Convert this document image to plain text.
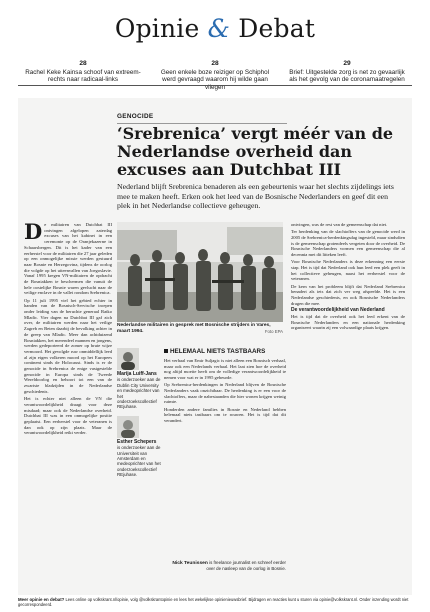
Opinie & Debat
28
Rachel Keke Kainsa schoof van extreem-rechts naar radicaal-links
28
Geen enkele boze reiziger op Schiphol werd gevraagd waarom hij wilde gaan vliegen
29
Brief: Uitgestelde zorg is net zo gevaarlijk als het gevolg van de coronamaatregelen
GENOCIDE
‘Srebrenica’ vergt méér van de Nederlandse overheid dan excuses aan Dutchbat III
Nederland blijft Srebrenica benaderen als een gebeurtenis waar het slechts zijdelings iets mee te maken heeft. Erken ook het leed van de Bosnische Nederlanders en geef dit een plek in het Nederlandse collectieve geheugen.
D e militairen van Dutchbat III ontvingen afgelopen zaterdag excuses van het kabinet in een ceremonie op de Oranjekazerne in Schaarsbergen. Dit is het kader van een eerherstel voor de militairen die 27 jaar geleden op een onmogelijke missie werden gestuurd naar Bosnie en Herzegovina, tijdens de oorlog die volgde op het uiteenvallen van Joegoslavie. Vanaf 1995 kregen VN-militairen de opdracht de Bosniakken te beschermen die vanuit de hele oostelijke Bosnie waren gevlucht naar de veilige enclave in de vallei rondom Srebrenica.

Op 11 juli 1995 viel het gebied echter in handen van de Bosnisch-Servische troepen onder leiding van de beruchte generaal Ratko Mladic. Vier dagen na Dutchbat III gaf zich over, de militairen werden naar het veilige Zagreb en Beten daarbij de bevolking achter in de greep van Mladic. Meer dan achtduizend Bosniakken, het merendeel mannen en jongens, werden gedeporteerd de zomer op brute wijze vermoord. Het gevolgde ruw onmiddellijk leed al zijn eigen volkeren moord op het Europees continent sinds de Holocaust. Sinds is er de genocide in Srebrenica de enige vastgestelde genocide in Europa sinds de Tweede Wereldoorlog en behoort tot een van de zwartste bladzijden in de Nederlandse geschiedenis.

Het is echter niet alleen de VN die verantwoordelijkheid draagt voor deze misdaad; maar ook de Nederlandse overheid. Dutchbat III was in een onmogelijke positie geplaatst. Een eerherstel voor de veteranen is dan ook op zijn plaats. Maar de verantwoordelijkheid reikt verder.

Nederlandse militairen in gesprek met Bosnische strijders in Vares, maart 1994.	Foto EPA
Marija Luiff-Jans
is onderzoeker aan de Dublin City University en medeoprichter van het onderzoekscollectief REjuhase.
Esther Schepers
is onderzoeker aan de Universiteit van Amsterdam en medeoprichter van het onderzoekscollectief REjuhase.
HELEMAAL NIETS TASTBAARS

Het verhaal van Emir Suljagic is niet alleen een Bosnisch verhaal, maar ook een Nederlands verhaal. Het laat zien hoe de overheid nog altijd moeite heeft om de volledige verantwoordelijkheid te nemen voor wat er in 1995 gebeurde.

Op Srebrenica-herdenkingen in Nederland blijven de Bosnische Nederlanders vaak onzichtbaar. De herdenking is er een voor de slachtoffers, maar de nabestaanden die hier wonen krijgen weinig ruimte.

Honderden andere families in Bosnie en Nederland hebben helemaal niets tastbaars om te rouwen. Het is tijd dat dit verandert.

Nick Teunissen is freelance journalist en schreef eerder over de nasleep van de oorlog in Bosnie.

ontvingen, was de rest van de gemeenschap dat niet.

Ter herdenking van de slachtoffers van de genocide werd in 2005 de Srebrenica-herdenkingsdag ingesteld, maar sindsdien is de gemeenschap grotendeels vergeten door de overheid. De Bosnische Nederlanders vormen een gemeenschap die al decennia met dit litteken leeft.

Voor Bosnische Nederlanders is deze erkenning een eerste stap. Het is tijd dat Nederland ook hun leed een plek geeft in het collectieve geheugen, naast het eerherstel voor de veteranen.

De kern van het probleem blijft dat Nederland Srebrenica benadert als iets dat zich ver weg afspeelde. Het is een Nederlandse geschiedenis, en ook Bosnische Nederlanders dragen die mee.

De verantwoordelijkheid van Nederland

Het is tijd dat de overheid ook het leed erkent van de Bosnische Nederlanders en een nationale herdenking organiseert waarin zij een volwaardige plaats krijgen.

Meer opinie en debat? Lees online op volkskrant.nl/opinie, volg @volkskrantopinie en lees het wekelijkse opinienieuwsbrief. Bijdragen en reacties kunt u sturen via opinie@volkskrant.nl. Onder inzending wordt niet gecorrespondeerd.
